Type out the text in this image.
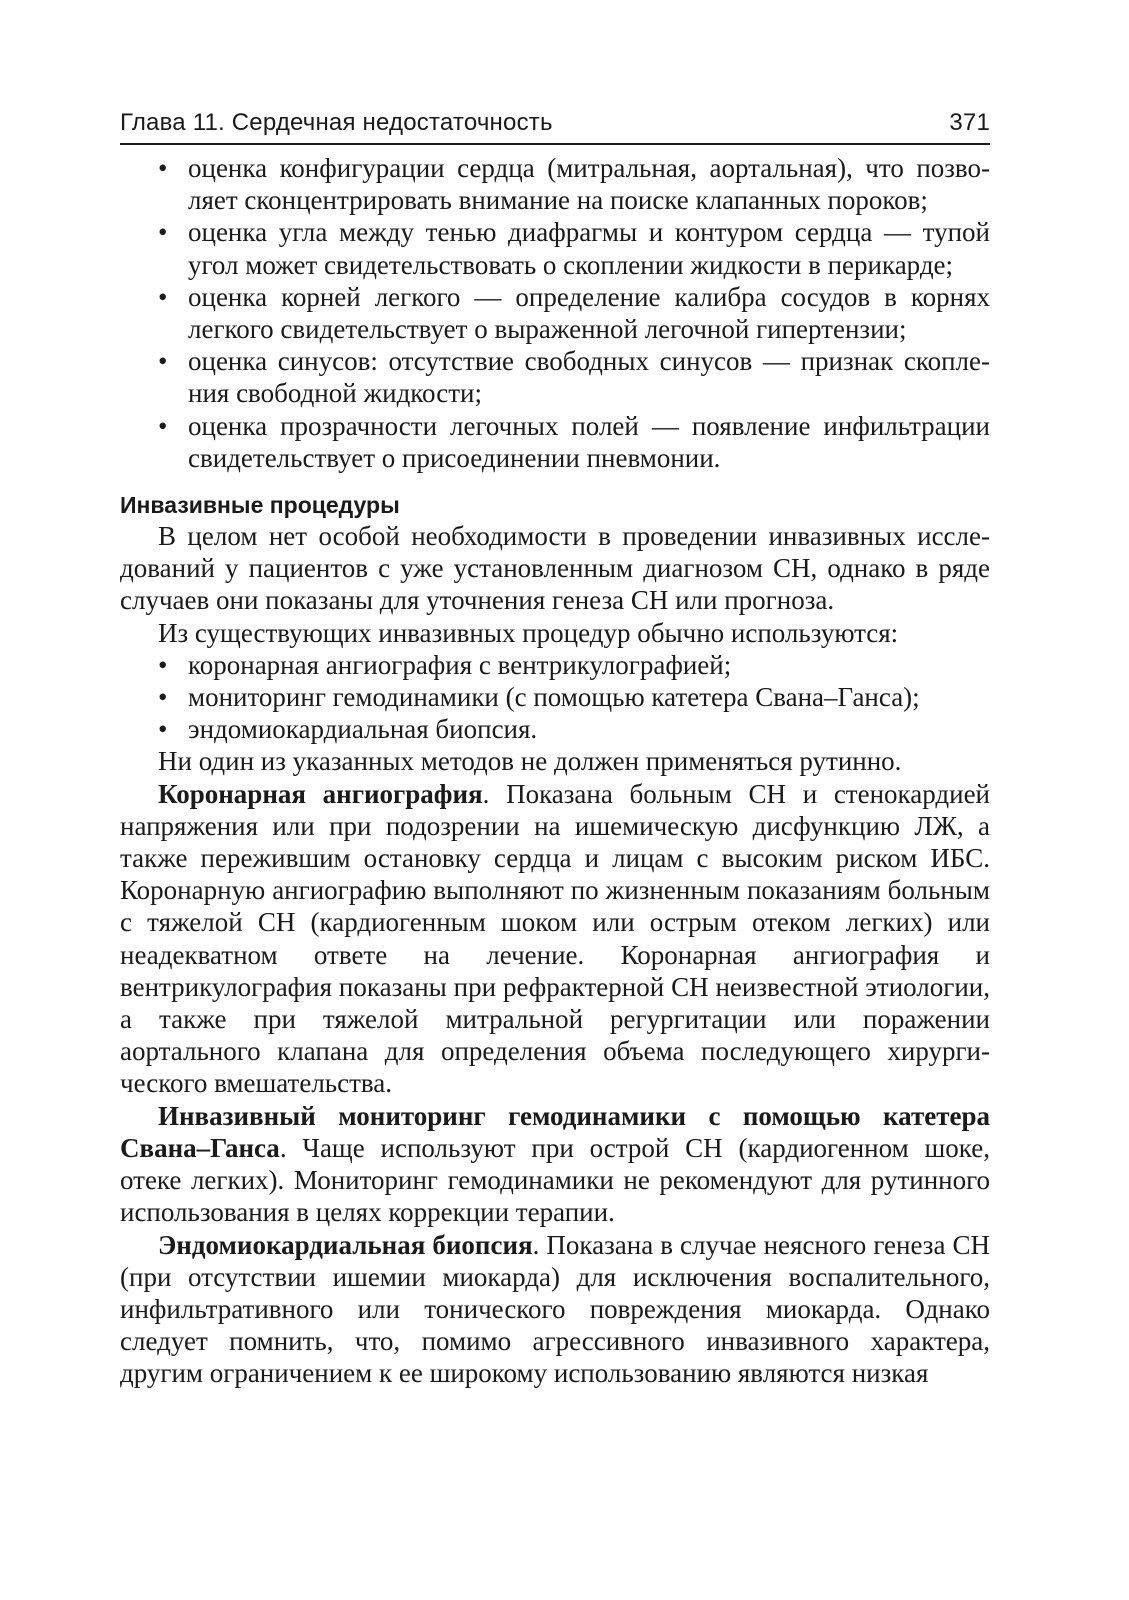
Глава 11. Сердечная недостаточность	371
• оценка конфигурации сердца (митральная, аортальная), что позволяет сконцентрировать внимание на поиске клапанных пороков;
• оценка угла между тенью диафрагмы и контуром сердца — тупой угол может свидетельствовать о скоплении жидкости в перикарде;
• оценка корней легкого — определение калибра сосудов в корнях легкого свидетельствует о выраженной легочной гипертензии;
• оценка синусов: отсутствие свободных синусов — признак скопления свободной жидкости;
• оценка прозрачности легочных полей — появление инфильтрации свидетельствует о присоединении пневмонии.
Инвазивные процедуры

В целом нет особой необходимости в проведении инвазивных исследований у пациентов с уже установленным диагнозом СН, однако в ряде случаев они показаны для уточнения генеза СН или прогноза.

Из существующих инвазивных процедур обычно используются:

• коронарная ангиография с вентрикулографией;
• мониторинг гемодинамики (с помощью катетера Свана–Ганса);
• эндомиокардиальная биопсия.

Ни один из указанных методов не должен применяться рутинно.

Коронарная ангиография. Показана больным СН и стенокардией напряжения или при подозрении на ишемическую дисфункцию ЛЖ, а также пережившим остановку сердца и лицам с высоким риском ИБС. Коронарную ангиографию выполняют по жизненным показаниям больным с тяжелой СН (кардиогенным шоком или острым отеком легких) или неадекватном ответе на лечение. Коронарная ангиография и вентрикулография показаны при рефрактерной СН неизвестной этиологии, а также при тяжелой митральной регургитации или поражении аортального клапана для определения объема последующего хирургического вмешательства.

Инвазивный мониторинг гемодинамики с помощью катетера Свана–Ганса. Чаще используют при острой СН (кардиогенном шоке, отеке легких). Мониторинг гемодинамики не рекомендуют для рутинного использования в целях коррекции терапии.

Эндомиокардиальная биопсия. Показана в случае неясного генеза СН (при отсутствии ишемии миокарда) для исключения воспалительного, инфильтративного или тонического повреждения миокарда. Однако следует помнить, что, помимо агрессивного инвазивного характера, другим ограничением к ее широкому использованию являются низкая
